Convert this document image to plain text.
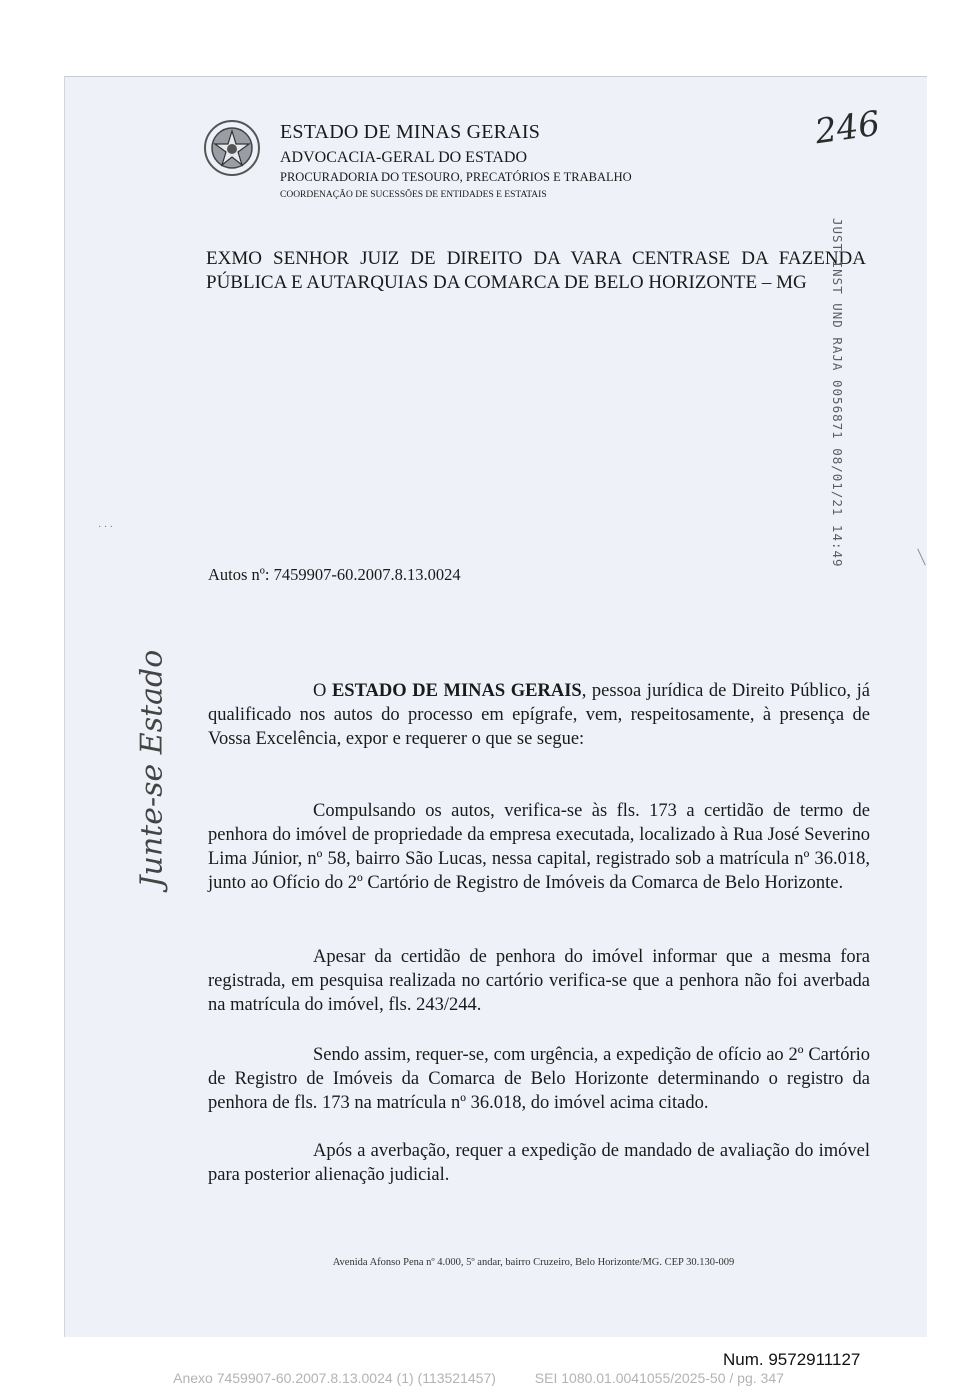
ESTADO DE MINAS GERAIS
ADVOCACIA-GERAL DO ESTADO
PROCURADORIA DO TESOURO, PRECATÓRIOS E TRABALHO
COORDENAÇÃO DE SUCESSÕES DE ENTIDADES E ESTATAIS
246
EXMO SENHOR JUIZ DE DIREITO DA VARA CENTRASE DA FAZENDA
PÚBLICA E AUTARQUIAS DA COMARCA DE BELO HORIZONTE – MG	JUST INST UND RAJA 0056871 08/01/21 14:49
· · ·
Autos nº: 7459907-60.2007.8.13.0024
Junte-se Estado	O ESTADO DE MINAS GERAIS, pessoa jurídica de Direito Público, já qualificado nos autos do processo em epígrafe, vem, respeitosamente, à presença de Vossa Excelência, expor e requerer o que se segue:

Compulsando os autos, verifica-se às fls. 173 a certidão de termo de penhora do imóvel de propriedade da empresa executada, localizado à Rua José Severino Lima Júnior, nº 58, bairro São Lucas, nessa capital, registrado sob a matrícula nº 36.018, junto ao Ofício do 2º Cartório de Registro de Imóveis da Comarca de Belo Horizonte.

Apesar da certidão de penhora do imóvel informar que a mesma fora registrada, em pesquisa realizada no cartório verifica-se que a penhora não foi averbada na matrícula do imóvel, fls. 243/244.

Sendo assim, requer-se, com urgência, a expedição de ofício ao 2º Cartório de Registro de Imóveis da Comarca de Belo Horizonte determinando o registro da penhora de fls. 173 na matrícula nº 36.018, do imóvel acima citado.

Após a averbação, requer a expedição de mandado de avaliação do imóvel para posterior alienação judicial.

Avenida Afonso Pena nº 4.000, 5º andar, bairro Cruzeiro, Belo Horizonte/MG. CEP 30.130-009
Num. 9572911127
Anexo 7459907-60.2007.8.13.0024 (1) (113521457)          SEI 1080.01.0041055/2025-50 / pg. 347
